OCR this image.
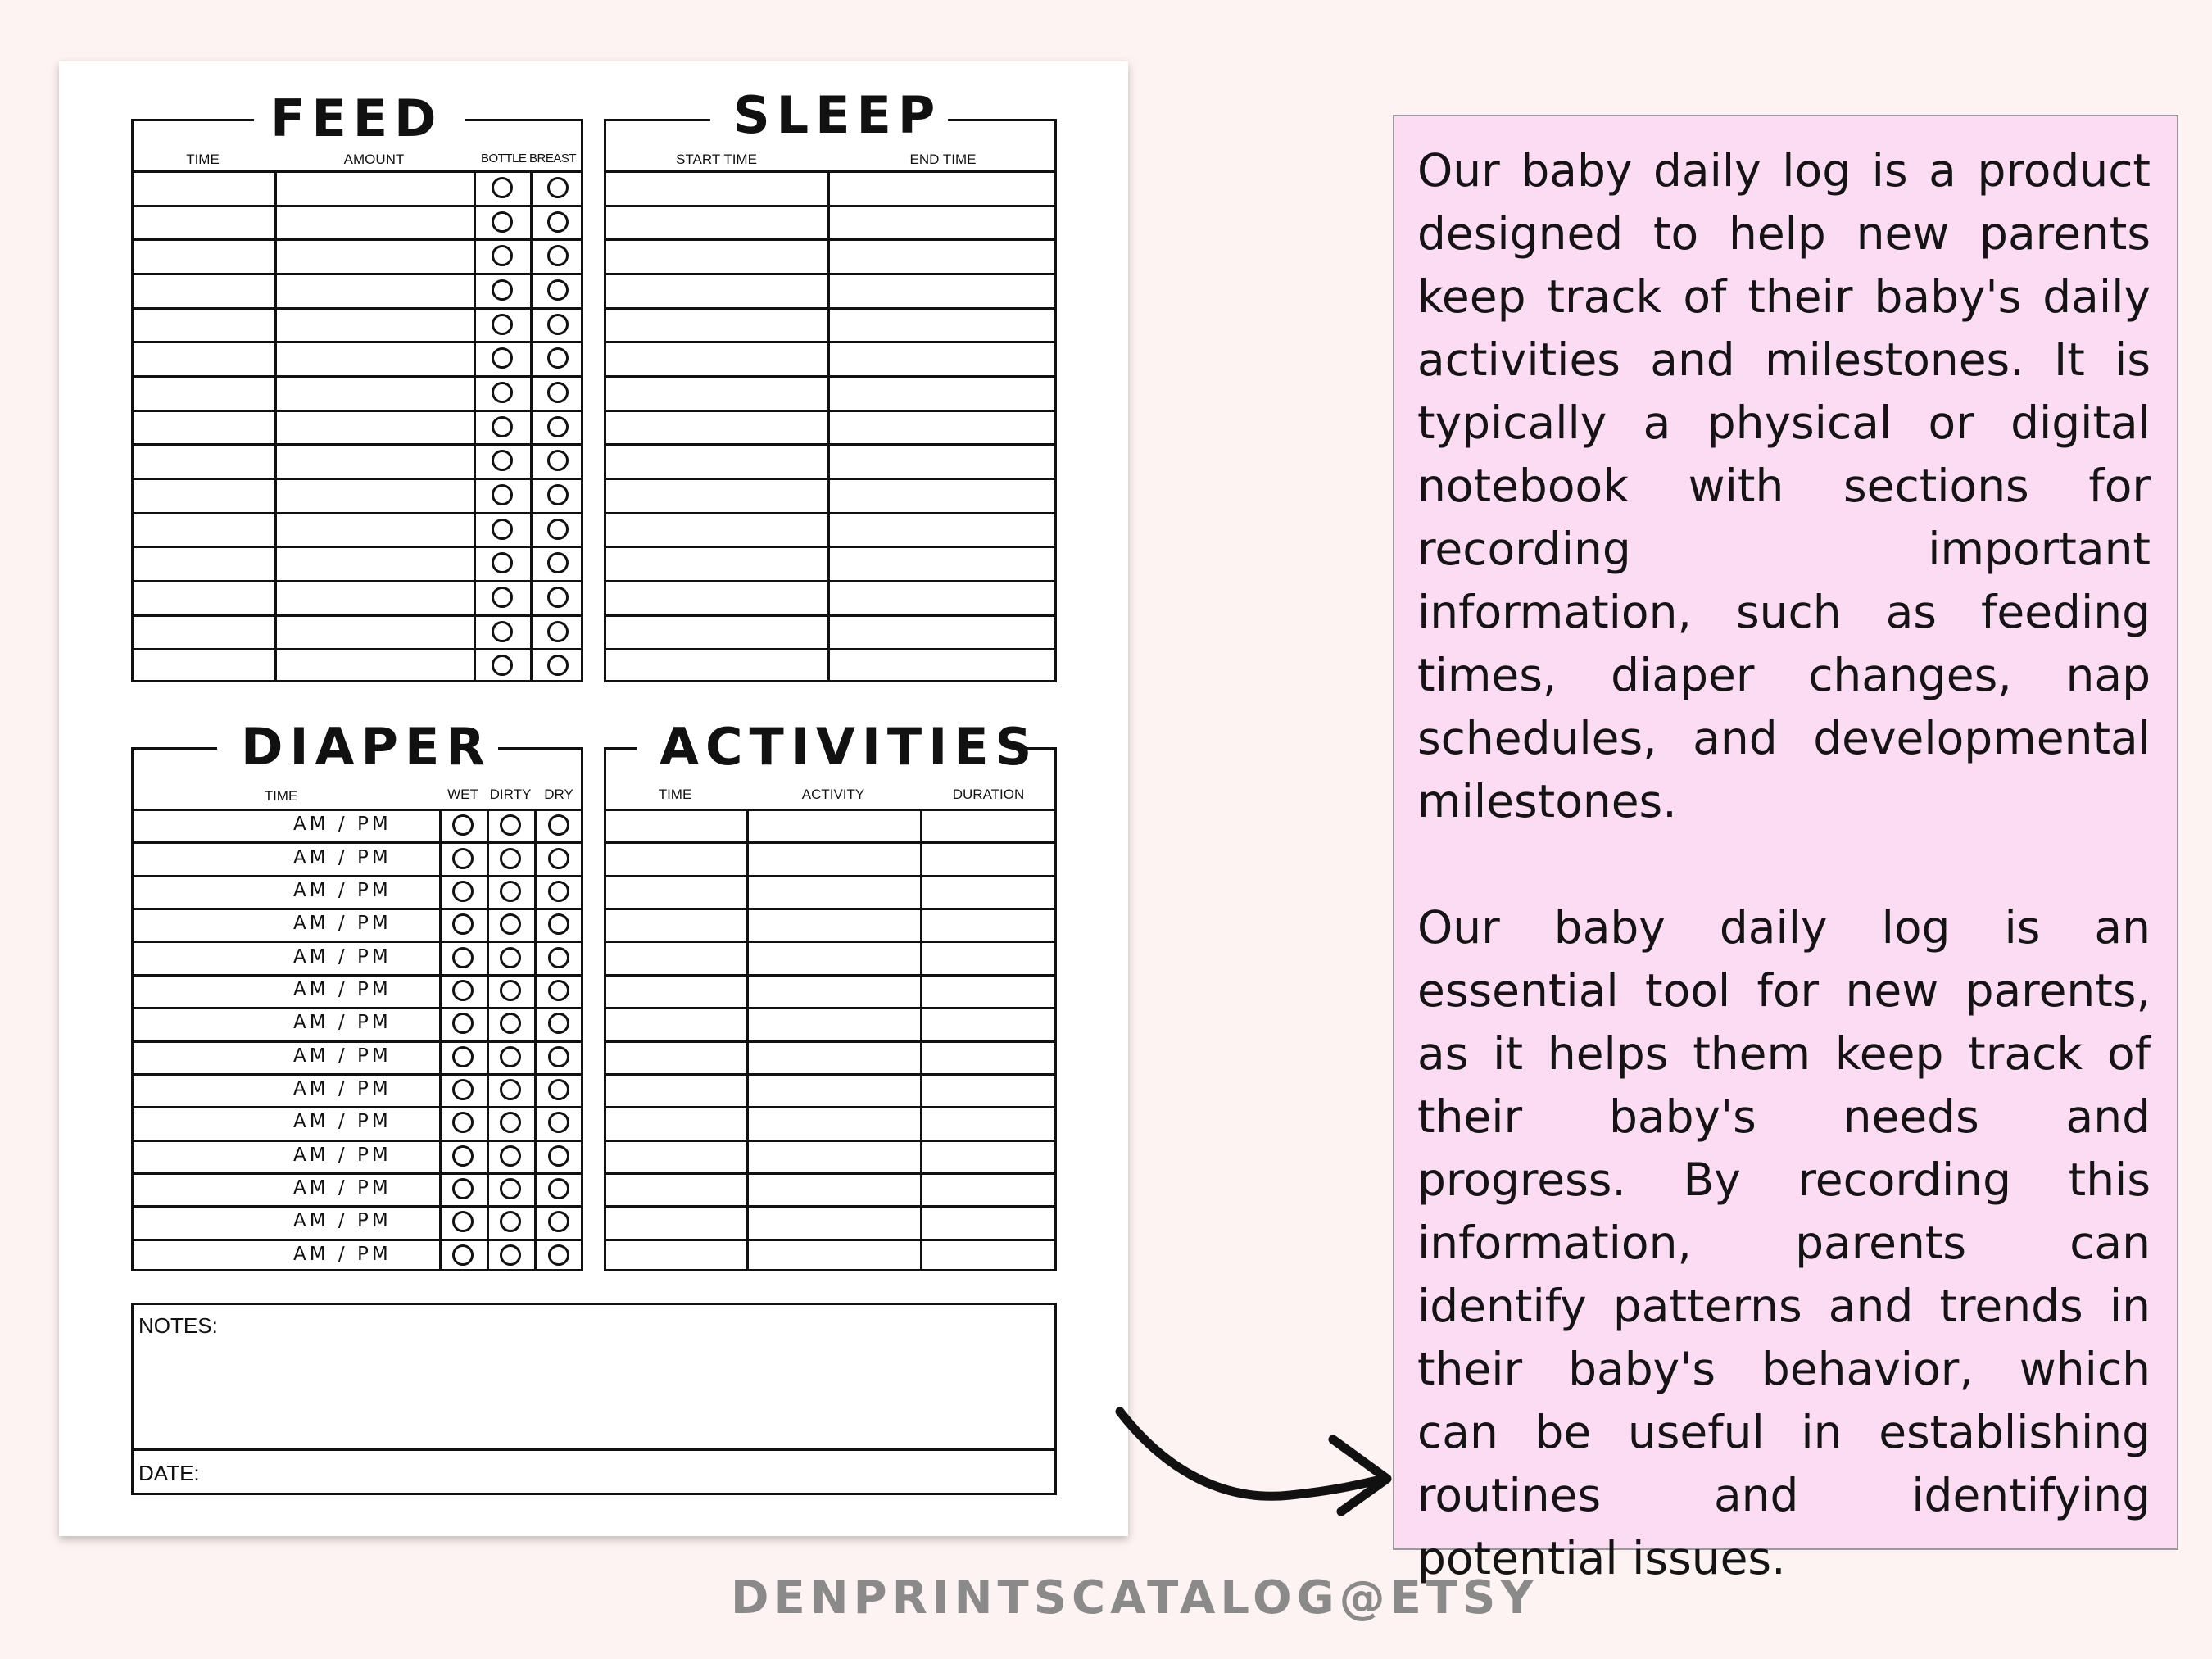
FEED
TIME	AMOUNT	BOTTLE BREAST
SLEEP
START TIME	END TIME
DIAPER
TIME	WET DIRTY DRY
AM / PM
AM / PM
AM / PM
AM / PM
AM / PM
AM / PM
AM / PM
AM / PM
AM / PM
AM / PM
AM / PM
AM / PM
AM / PM
AM / PM
ACTIVITIES
TIME	ACTIVITY	DURATION
NOTES:
DATE:

Our baby daily log is a product designed to help new parents keep track of their baby's daily activities and milestones. It is typically a physical or digital notebook with sections for recording important information, such as feeding times, diaper changes, nap schedules, and developmental milestones.

Our baby daily log is an essential tool for new parents, as it helps them keep track of their baby's needs and progress. By recording this information, parents can identify patterns and trends in their baby's behavior, which can be useful in establishing routines and identifying potential issues.

DENPRINTSCATALOG@ETSY
